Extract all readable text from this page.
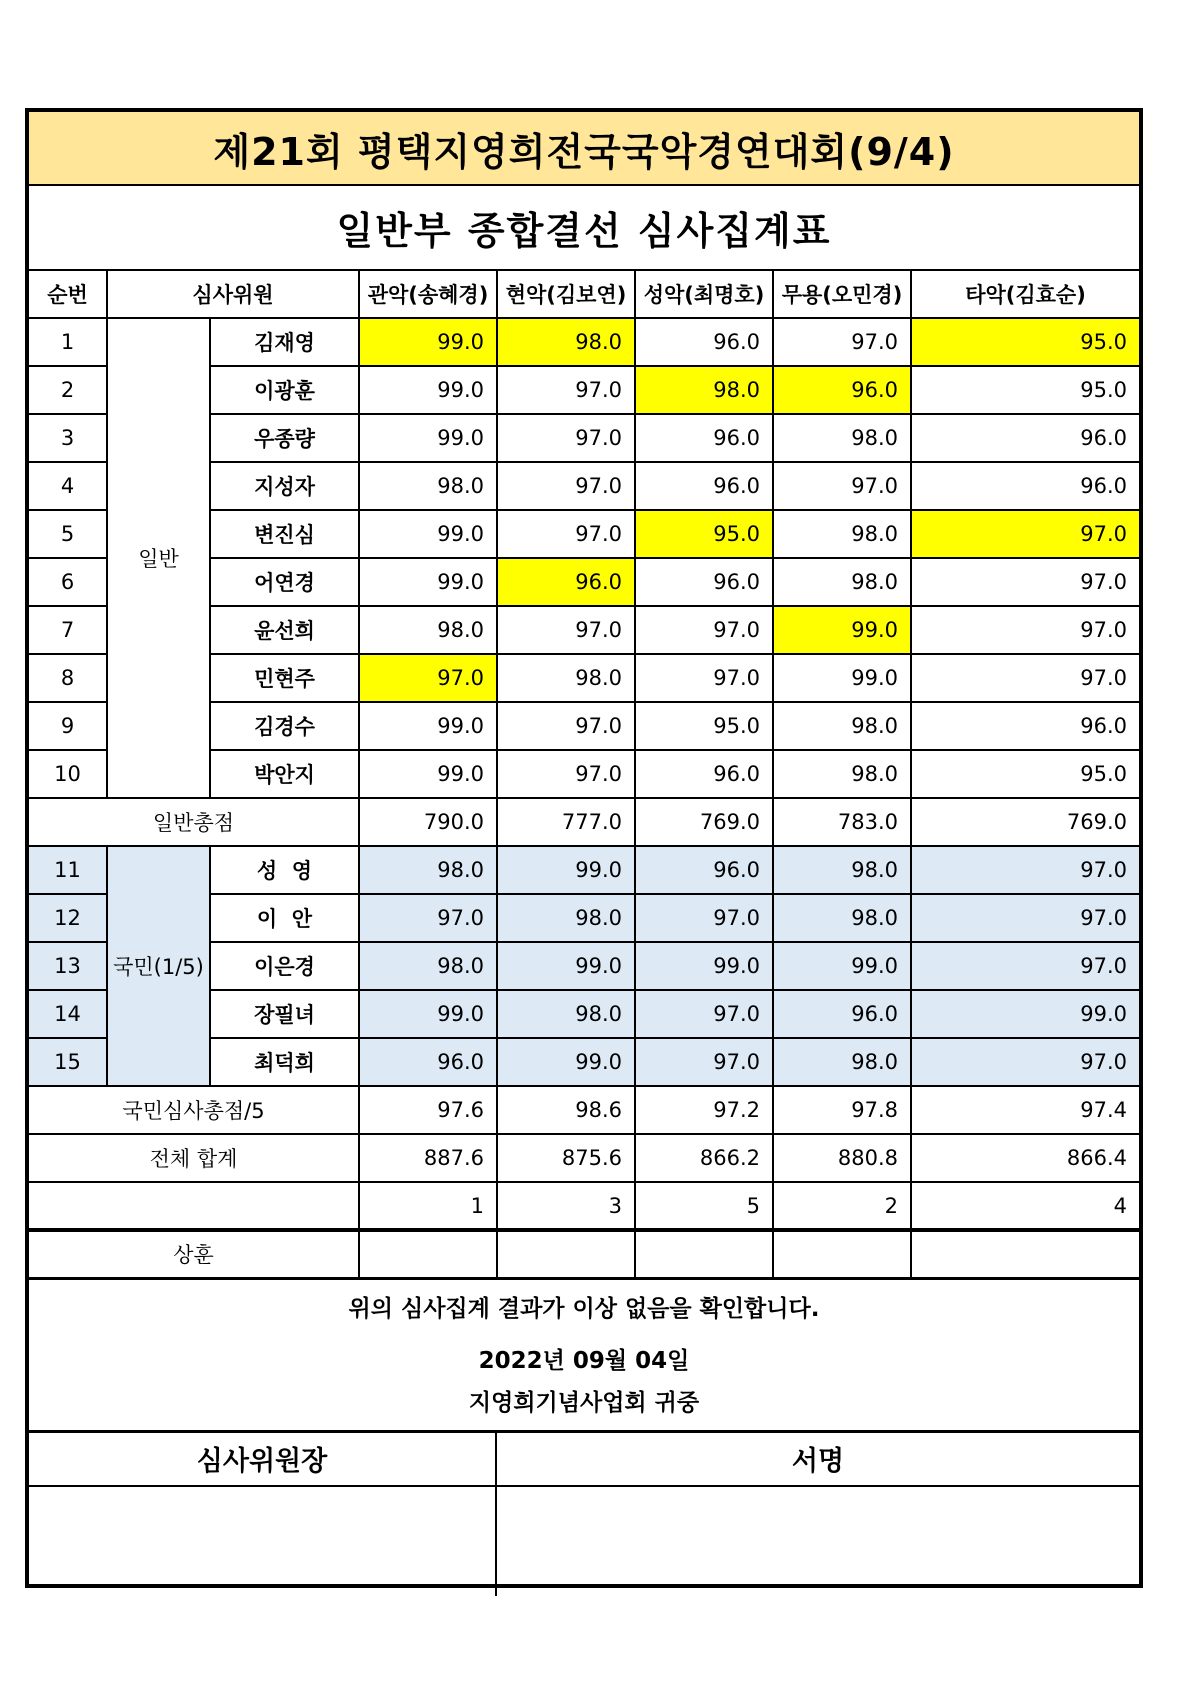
제21회 평택지영희전국국악경연대회(9/4)							
일반부 종합결선 심사집계표							
순번	심사위원		관악(송혜경)	현악(김보연)	성악(최명호)	무용(오민경)	타악(김효순)
1	일반	김재영	99.0	98.0	96.0	97.0	95.0
2		이광훈	99.0	97.0	98.0	96.0	95.0
3		우종량	99.0	97.0	96.0	98.0	96.0
4		지성자	98.0	97.0	96.0	97.0	96.0
5		변진심	99.0	97.0	95.0	98.0	97.0
6		어연경	99.0	96.0	96.0	98.0	97.0
7		윤선희	98.0	97.0	97.0	99.0	97.0
8		민현주	97.0	98.0	97.0	99.0	97.0
9		김경수	99.0	97.0	95.0	98.0	96.0
10		박안지	99.0	97.0	96.0	98.0	95.0
일반총점			790.0	777.0	769.0	783.0	769.0
11	국민(1/5)	성  영	98.0	99.0	96.0	98.0	97.0
12		이  안	97.0	98.0	97.0	98.0	97.0
13		이은경	98.0	99.0	99.0	99.0	97.0
14		장필녀	99.0	98.0	97.0	96.0	99.0
15		최덕희	96.0	99.0	97.0	98.0	97.0
국민심사총점/5			97.6	98.6	97.2	97.8	97.4
전체 합계			887.6	875.6	866.2	880.8	866.4
			1	3	5	2	4
상훈							
위의 심사집계 결과가 이상 없음을 확인합니다.
2022년 09월 04일
지영희기념사업회 귀중
심사위원장	서명
